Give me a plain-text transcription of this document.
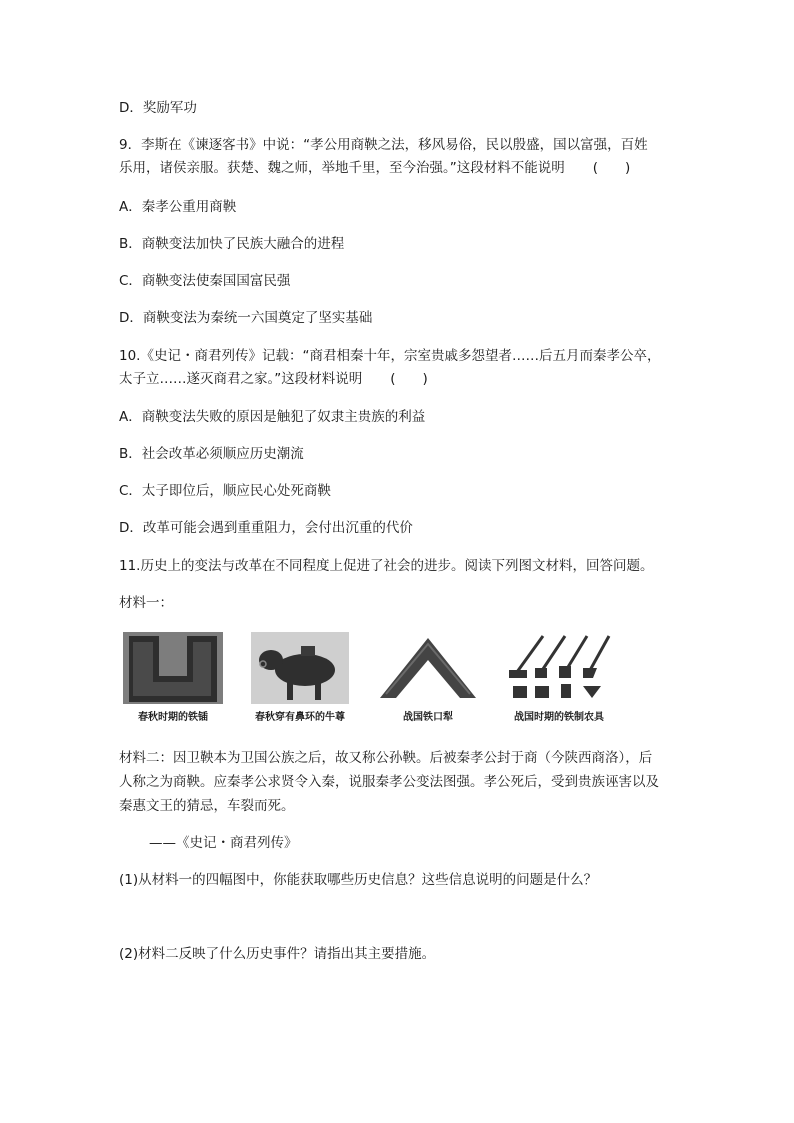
D．奖励军功
9．李斯在《谏逐客书》中说：“孝公用商鞅之法，移风易俗，民以殷盛，国以富强，百姓
乐用，诸侯亲服。获楚、魏之师，举地千里，至今治强。”这段材料不能说明 (　　)
A．秦孝公重用商鞅
B．商鞅变法加快了民族大融合的进程
C．商鞅变法使秦国国富民强
D．商鞅变法为秦统一六国奠定了坚实基础
10.《史记・商君列传》记载：“商君相秦十年，宗室贵戚多怨望者……后五月而秦孝公卒，
太子立……遂灭商君之家。”这段材料说明 (　　)
A．商鞅变法失败的原因是触犯了奴隶主贵族的利益
B．社会改革必须顺应历史潮流
C．太子即位后，顺应民心处死商鞅
D．改革可能会遇到重重阻力，会付出沉重的代价
11.历史上的变法与改革在不同程度上促进了社会的进步。阅读下列图文材料，回答问题。
材料一：
春秋时期的铁锸	春秋穿有鼻环的牛尊	战国铁口犁	战国时期的铁制农具
材料二：因卫鞅本为卫国公族之后，故又称公孙鞅。后被秦孝公封于商（今陕西商洛），后
人称之为商鞅。应秦孝公求贤令入秦，说服秦孝公变法图强。孝公死后，受到贵族诬害以及
秦惠文王的猜忌，车裂而死。
——《史记・商君列传》
(1)从材料一的四幅图中，你能获取哪些历史信息？这些信息说明的问题是什么？
(2)材料二反映了什么历史事件？请指出其主要措施。
